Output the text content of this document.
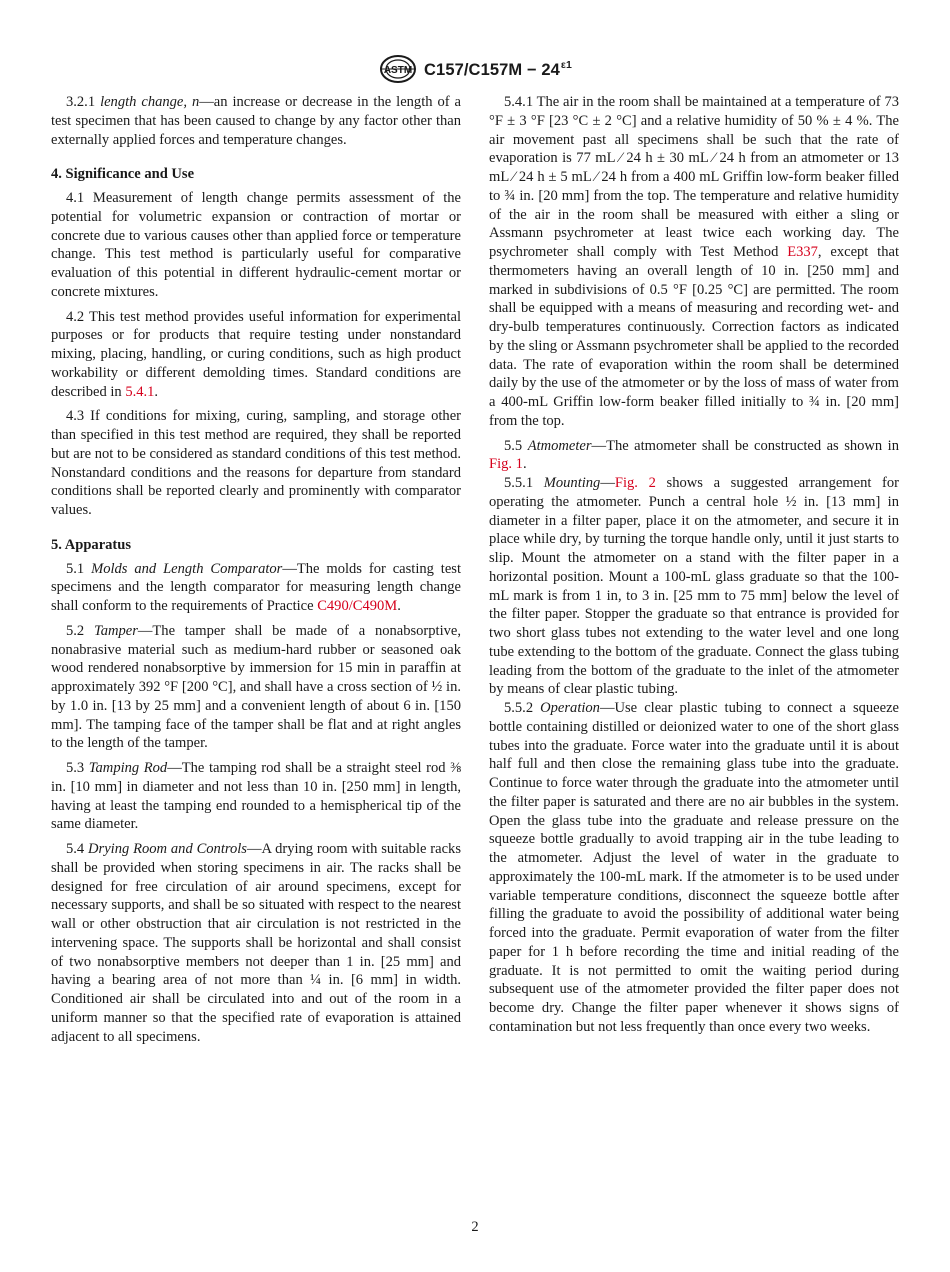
ASTM $C157/C157M - 24^{\varepsilon 1}$

3.2.1 length change, n—an increase or decrease in the length of a test specimen that has been caused to change by any factor other than externally applied forces and temperature changes.

4. Significance and Use

4.1 Measurement of length change permits assessment of the potential for volumetric expansion or contraction of mortar or concrete due to various causes other than applied force or temperature change. This test method is particularly useful for comparative evaluation of this potential in different hydraulic-cement mortar or concrete mixtures.

4.2 This test method provides useful information for experimental purposes or for products that require testing under nonstandard mixing, placing, handling, or curing conditions, such as high product workability or different demolding times. Standard conditions are described in 5.4.1.

4.3 If conditions for mixing, curing, sampling, and storage other than specified in this test method are required, they shall be reported but are not to be considered as standard conditions of this test method. Nonstandard conditions and the reasons for departure from standard conditions shall be reported clearly and prominently with comparator values.

5. Apparatus

5.1 Molds and Length Comparator—The molds for casting test specimens and the length comparator for measuring length change shall conform to the requirements of Practice C490/C490M.

5.2 Tamper—The tamper shall be made of a nonabsorptive, nonabrasive material such as medium-hard rubber or seasoned oak wood rendered nonabsorptive by immersion for 15 min in paraffin at approximately 392 °F [200 °C], and shall have a cross section of ½ in. by 1.0 in. [13 by 25 mm] and a convenient length of about 6 in. [150 mm]. The tamping face of the tamper shall be flat and at right angles to the length of the tamper.

5.3 Tamping Rod—The tamping rod shall be a straight steel rod ⅜ in. [10 mm] in diameter and not less than 10 in. [250 mm] in length, having at least the tamping end rounded to a hemispherical tip of the same diameter.

5.4 Drying Room and Controls—A drying room with suitable racks shall be provided when storing specimens in air. The racks shall be designed for free circulation of air around specimens, except for necessary supports, and shall be so situated with respect to the nearest wall or other obstruction that air circulation is not restricted in the intervening space. The supports shall be horizontal and shall consist of two nonabsorptive members not deeper than 1 in. [25 mm] and having a bearing area of not more than ¼ in. [6 mm] in width. Conditioned air shall be circulated into and out of the room in a uniform manner so that the specified rate of evaporation is attained adjacent to all specimens.

5.4.1 The air in the room shall be maintained at a temperature of 73 °F ± 3 °F [23 °C ± 2 °C] and a relative humidity of 50 % ± 4 %. The air movement past all specimens shall be such that the rate of evaporation is 77 mL ⁄ 24 h ± 30 mL ⁄ 24 h from an atmometer or 13 mL ⁄ 24 h ± 5 mL ⁄ 24 h from a 400 mL Griffin low-form beaker filled to ¾ in. [20 mm] from the top. The temperature and relative humidity of the air in the room shall be measured with either a sling or Assmann psychrometer at least twice each working day. The psychrometer shall comply with Test Method E337, except that thermometers having an overall length of 10 in. [250 mm] and marked in subdivisions of 0.5 °F [0.25 °C] are permitted. The room shall be equipped with a means of measuring and recording wet- and dry-bulb temperatures continuously. Correction factors as indicated by the sling or Assmann psychrometer shall be applied to the recorded data. The rate of evaporation within the room shall be determined daily by the use of the atmometer or by the loss of mass of water from a 400-mL Griffin low-form beaker filled initially to ¾ in. [20 mm] from the top.

5.5 Atmometer—The atmometer shall be constructed as shown in Fig. 1.

5.5.1 Mounting—Fig. 2 shows a suggested arrangement for operating the atmometer. Punch a central hole ½ in. [13 mm] in diameter in a filter paper, place it on the atmometer, and secure it in place while dry, by turning the torque handle only, until it just starts to slip. Mount the atmometer on a stand with the filter paper in a horizontal position. Mount a 100-mL glass graduate so that the 100-mL mark is from 1 in, to 3 in. [25 mm to 75 mm] below the level of the filter paper. Stopper the graduate so that entrance is provided for two short glass tubes not extending to the water level and one long tube extending to the bottom of the graduate. Connect the glass tubing leading from the bottom of the graduate to the inlet of the atmometer by means of clear plastic tubing.

5.5.2 Operation—Use clear plastic tubing to connect a squeeze bottle containing distilled or deionized water to one of the short glass tubes into the graduate. Force water into the graduate until it is about half full and then close the remaining glass tube into the graduate. Continue to force water through the graduate into the atmometer until the filter paper is saturated and there are no air bubbles in the system. Open the glass tube into the graduate and release pressure on the squeeze bottle gradually to avoid trapping air in the tube leading to the atmometer. Adjust the level of water in the graduate to approximately the 100-mL mark. If the atmometer is to be used under variable temperature conditions, disconnect the squeeze bottle after filling the graduate to avoid the possibility of additional water being forced into the graduate. Permit evaporation of water from the filter paper for 1 h before recording the time and initial reading of the graduate. It is not permitted to omit the waiting period during subsequent use of the atmometer provided the filter paper does not become dry. Change the filter paper whenever it shows signs of contamination but not less frequently than once every two weeks.

2
